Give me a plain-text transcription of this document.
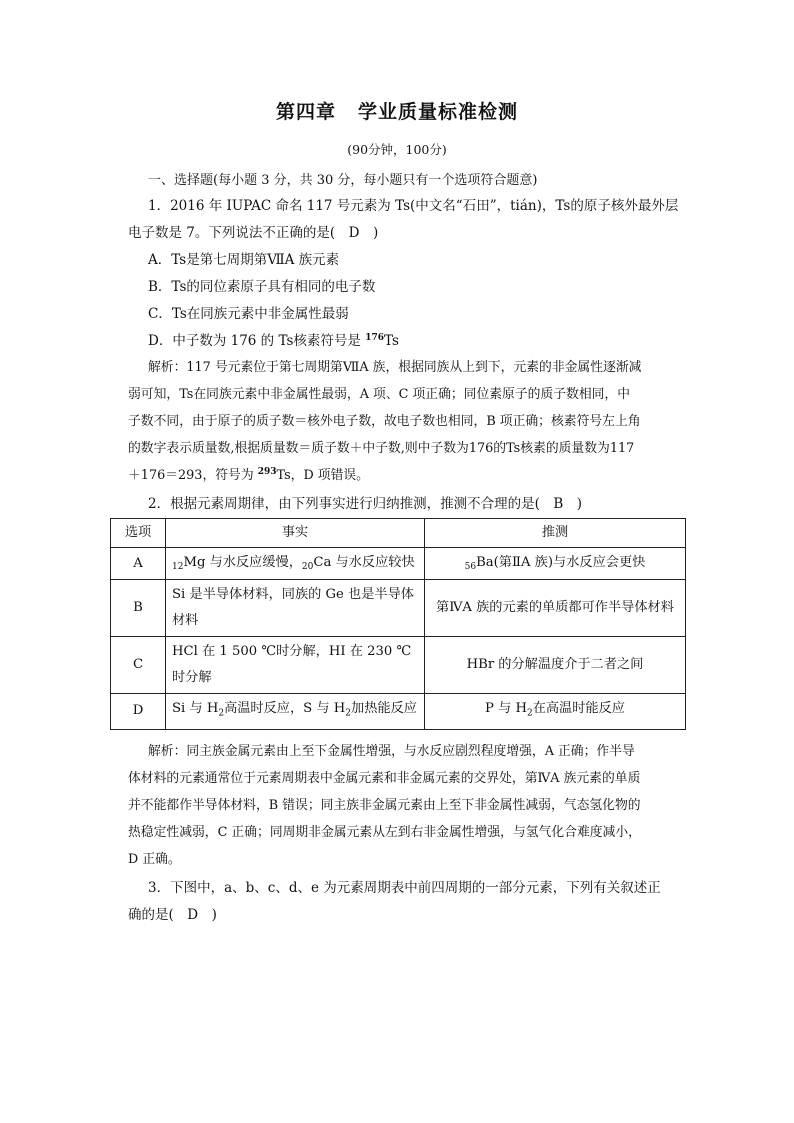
第四章 学业质量标准检测
(90分钟，100分)
一、选择题(每小题 3 分，共 30 分，每小题只有一个选项符合题意)
1．2016 年 IUPAC 命名 117 号元素为 Ts(中文名“石田”，tián)，Ts的原子核外最外层
电子数是 7。下列说法不正确的是(　D　)
A．Ts是第七周期第ⅦA 族元素
B．Ts的同位素原子具有相同的电子数
C．Ts在同族元素中非金属性最弱
D．中子数为 176 的 Ts核素符号是 $^{176}$Ts
解析：117 号元素位于第七周期第ⅦA 族，根据同族从上到下，元素的非金属性逐渐减
弱可知，Ts在同族元素中非金属性最弱，A 项、C 项正确；同位素原子的质子数相同，中
子数不同，由于原子的质子数＝核外电子数，故电子数也相同，B 项正确；核素符号左上角
的数字表示质量数,根据质量数＝质子数＋中子数,则中子数为176的Ts核素的质量数为117
＋176＝293，符号为 $^{293}$Ts，D 项错误。
2．根据元素周期律，由下列事实进行归纳推测，推测不合理的是(　B　)
选项	事实	推测
A	$_{12}$Mg 与水反应缓慢，$_{20}$Ca 与水反应较快	$_{56}$Ba(第ⅡA 族)与水反应会更快
B	Si 是半导体材料，同族的 Ge 也是半导体材料	第ⅣA 族的元素的单质都可作半导体材料
C	HCl 在 1 500 ℃时分解，HI 在 230 ℃时分解	HBr 的分解温度介于二者之间
D	Si 与 $H_2$高温时反应，S 与 $H_2$加热能反应	P 与 $H_2$在高温时能反应
解析：同主族金属元素由上至下金属性增强，与水反应剧烈程度增强，A 正确；作半导
体材料的元素通常位于元素周期表中金属元素和非金属元素的交界处，第ⅣA 族元素的单质
并不能都作半导体材料，B 错误；同主族非金属元素由上至下非金属性减弱，气态氢化物的
热稳定性减弱，C 正确；同周期非金属元素从左到右非金属性增强，与氢气化合难度减小，
D 正确。
3．下图中，a、b、c、d、e 为元素周期表中前四周期的一部分元素，下列有关叙述正
确的是(　D　)
